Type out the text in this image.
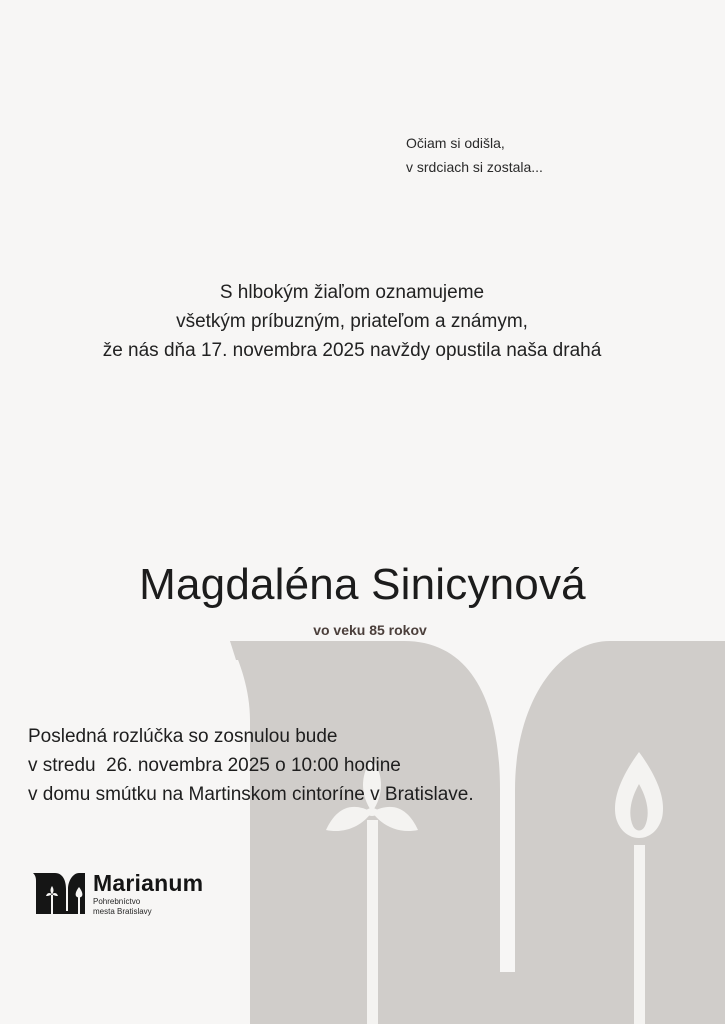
Očiam si odišla,
v srdciach si zostala...
S hlbokým žiaľom oznamujeme
všetkým príbuzným, priateľom a známym,
že nás dňa 17. novembra 2025 navždy opustila naša drahá
Magdaléna Sinicynová
vo veku 85 rokov
Posledná rozlúčka so zosnulou bude
v stredu  26. novembra 2025 o 10:00 hodine
v domu smútku na Martinskom cintoríne v Bratislave.
Marianum
Pohrebníctvo
mesta Bratislavy
